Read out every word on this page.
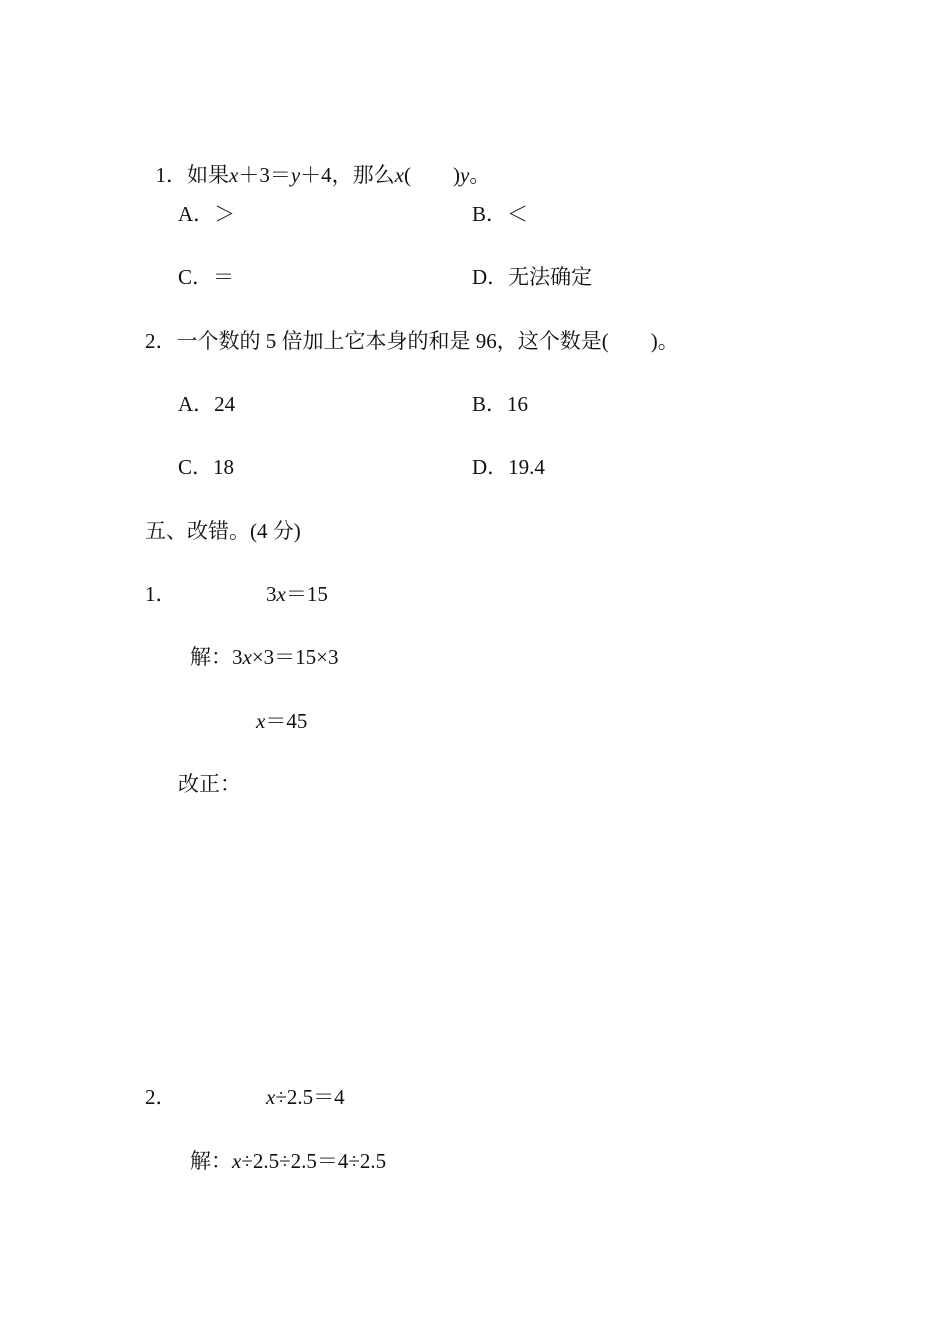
1．如果x＋3＝y＋4，那么x(　　)y。

A．＞	B．＜
C．＝	D．无法确定
2．一个数的 5 倍加上它本身的和是 96，这个数是(　　)。
A．24	B．16
C．18	D．19.4
五、改错。(4 分)
1．	3x＝15
解：3x×3＝15×3
x＝45
改正：
2．	x÷2.5＝4
解：x÷2.5÷2.5＝4÷2.5
